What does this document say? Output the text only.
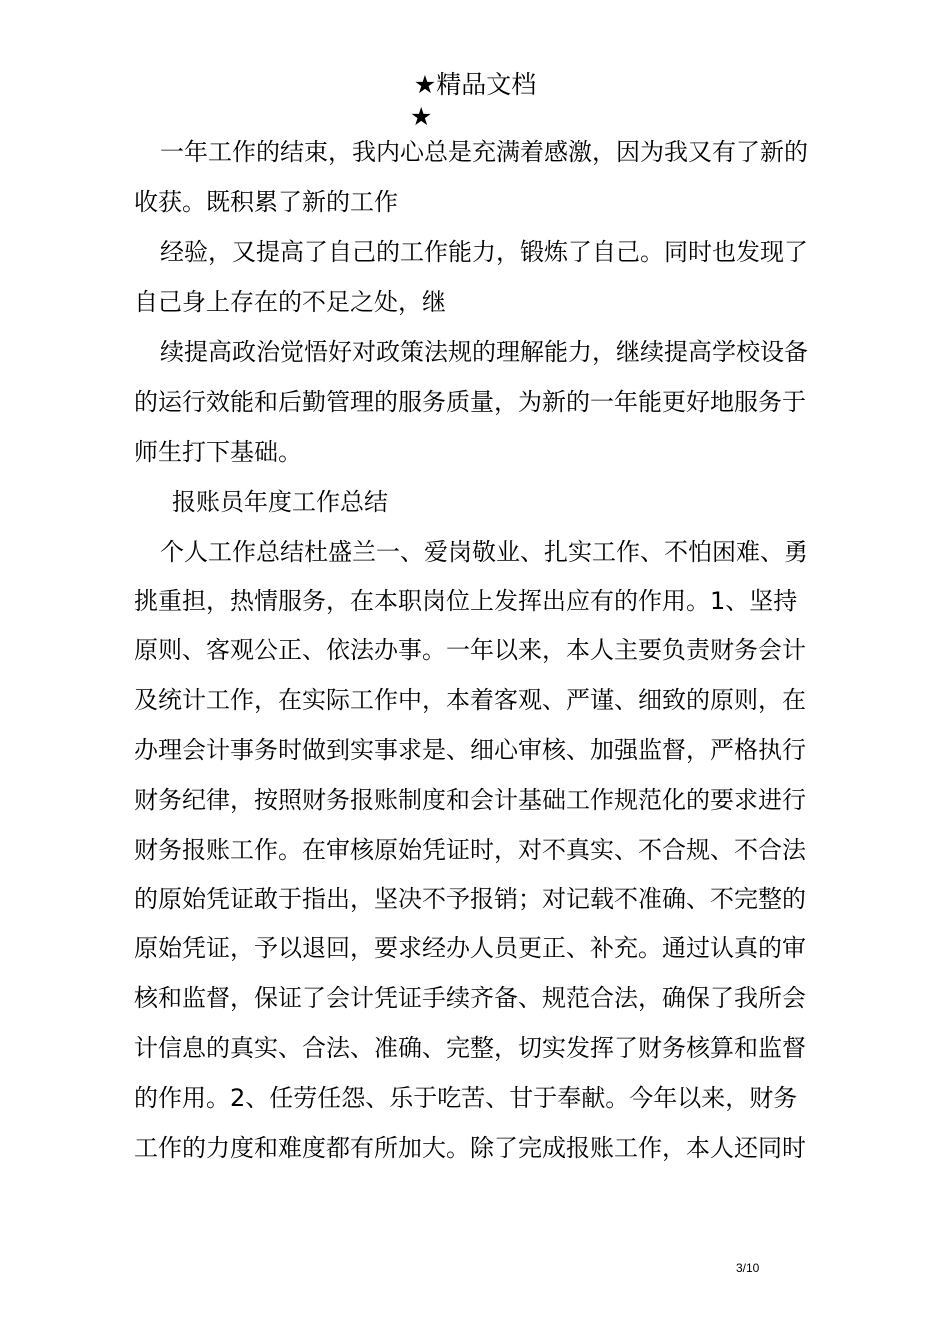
★精品文档
★
一年工作的结束，我内心总是充满着感激，因为我又有了新的
收获。既积累了新的工作
经验，又提高了自己的工作能力，锻炼了自己。同时也发现了
自己身上存在的不足之处，继
续提高政治觉悟好对政策法规的理解能力，继续提高学校设备
的运行效能和后勤管理的服务质量，为新的一年能更好地服务于
师生打下基础。
报账员年度工作总结
个人工作总结杜盛兰一、爱岗敬业、扎实工作、不怕困难、勇
挑重担，热情服务，在本职岗位上发挥出应有的作用。1、坚持
原则、客观公正、依法办事。一年以来，本人主要负责财务会计
及统计工作，在实际工作中，本着客观、严谨、细致的原则，在
办理会计事务时做到实事求是、细心审核、加强监督，严格执行
财务纪律，按照财务报账制度和会计基础工作规范化的要求进行
财务报账工作。在审核原始凭证时，对不真实、不合规、不合法
的原始凭证敢于指出，坚决不予报销；对记载不准确、不完整的
原始凭证，予以退回，要求经办人员更正、补充。通过认真的审
核和监督，保证了会计凭证手续齐备、规范合法，确保了我所会
计信息的真实、合法、准确、完整，切实发挥了财务核算和监督
的作用。2、任劳任怨、乐于吃苦、甘于奉献。今年以来，财务
工作的力度和难度都有所加大。除了完成报账工作，本人还同时
3/10
